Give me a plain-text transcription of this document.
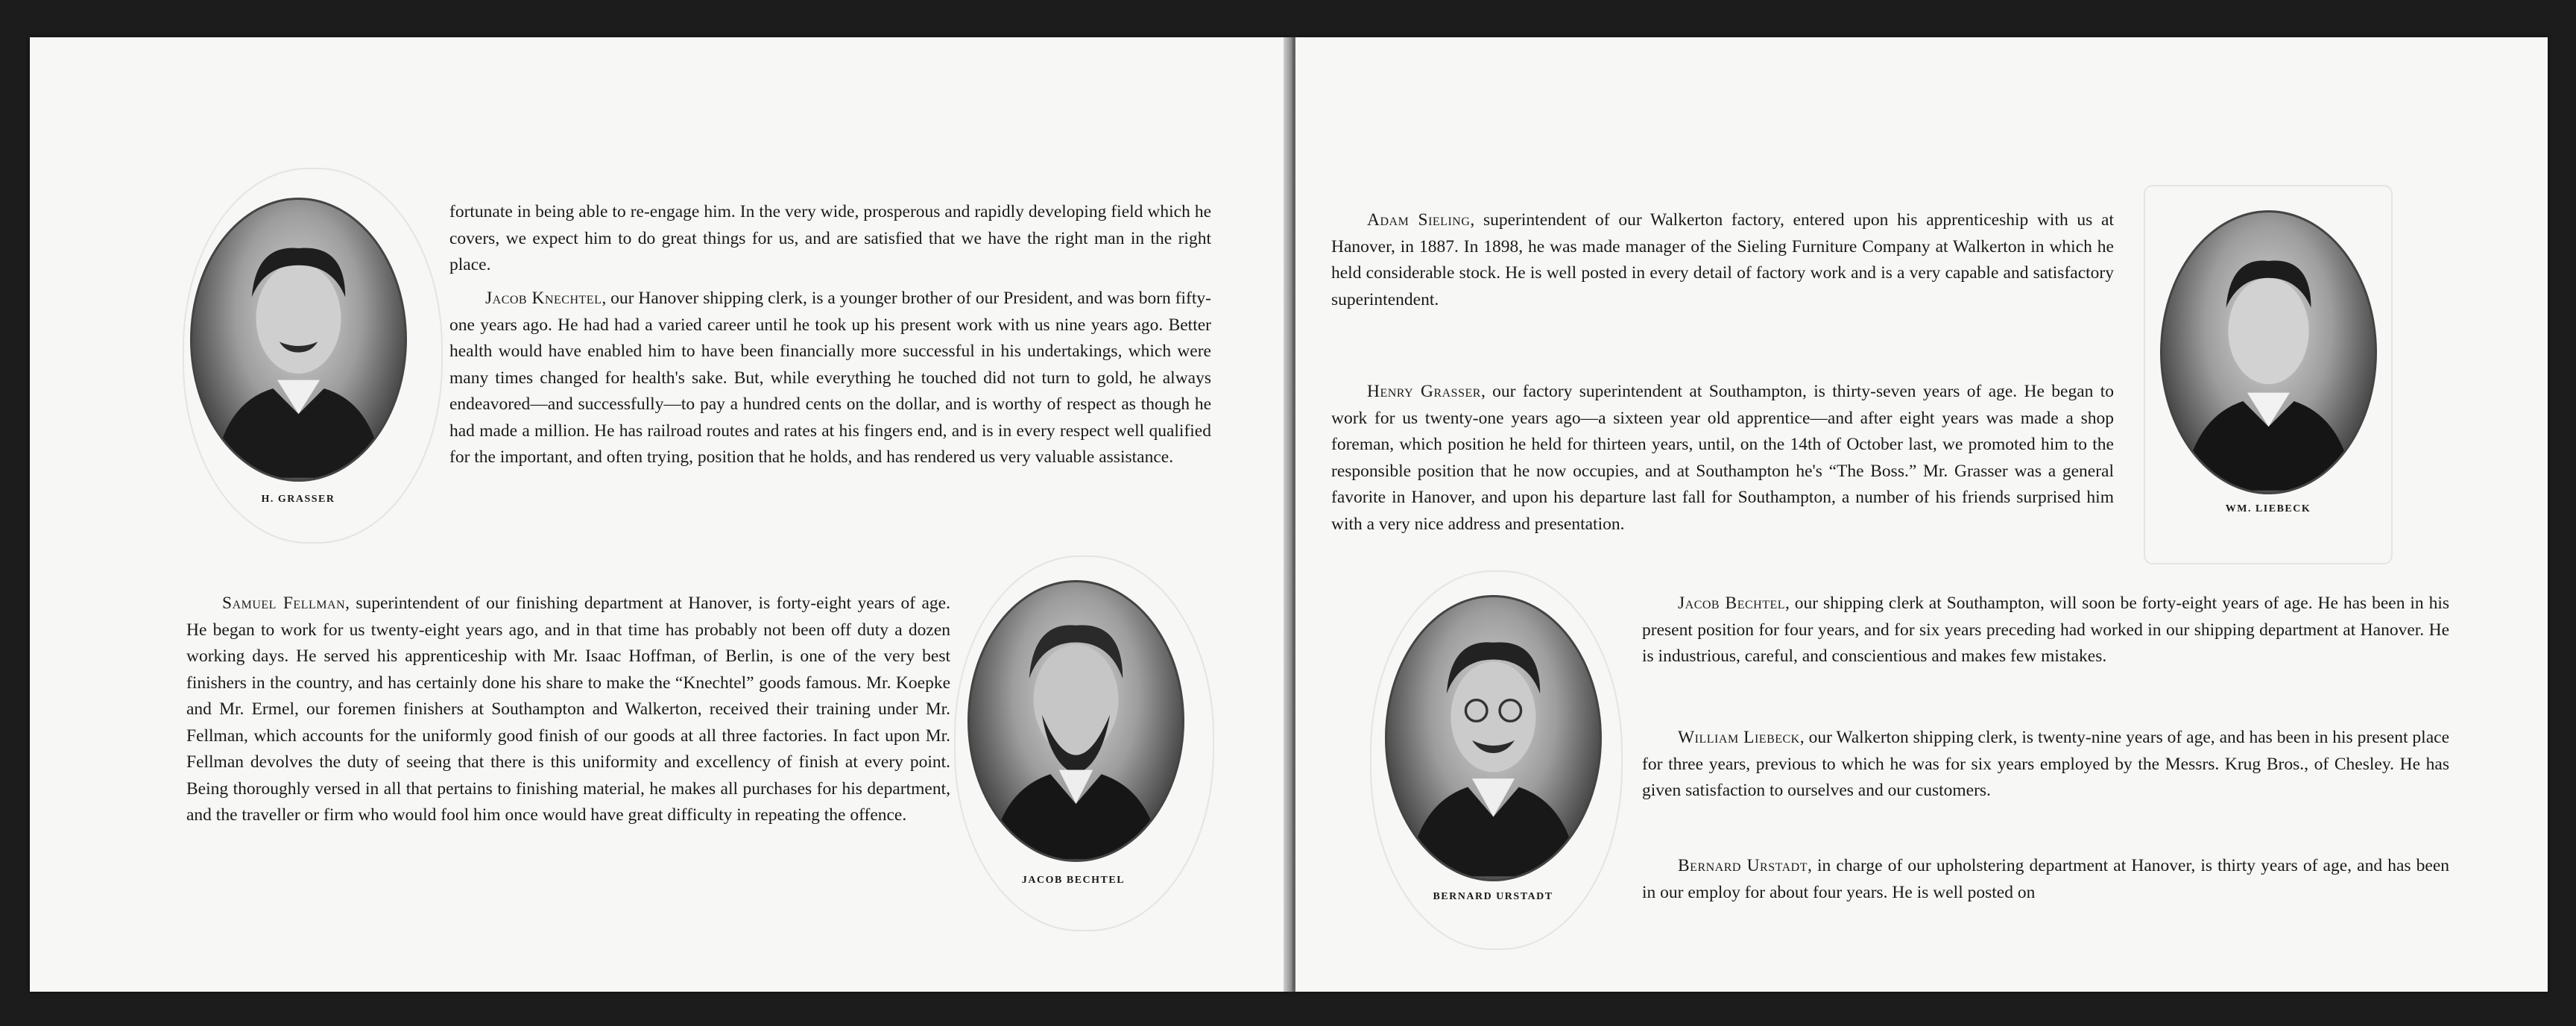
H. GRASSER

fortunate in being able to re-engage him. In the very wide, prosperous and rapidly developing field which he covers, we expect him to do great things for us, and are satisfied that we have the right man in the right place.

Jacob Knechtel, our Hanover shipping clerk, is a younger brother of our President, and was born fifty-one years ago. He had had a varied career until he took up his present work with us nine years ago. Better health would have enabled him to have been financially more successful in his undertakings, which were many times changed for health's sake. But, while everything he touched did not turn to gold, he always endeavored—and successfully—to pay a hundred cents on the dollar, and is worthy of respect as though he had made a million. He has railroad routes and rates at his fingers end, and is in every respect well qualified for the important, and often trying, position that he holds, and has rendered us very valuable assistance.

JACOB BECHTEL

Samuel Fellman, superintendent of our finishing department at Hanover, is forty-eight years of age. He began to work for us twenty-eight years ago, and in that time has probably not been off duty a dozen working days. He served his apprenticeship with Mr. Isaac Hoffman, of Berlin, is one of the very best finishers in the country, and has certainly done his share to make the “Knechtel” goods famous. Mr. Koepke and Mr. Ermel, our foremen finishers at Southampton and Walkerton, received their training under Mr. Fellman, which accounts for the uniformly good finish of our goods at all three factories. In fact upon Mr. Fellman devolves the duty of seeing that there is this uniformity and excellency of finish at every point. Being thoroughly versed in all that pertains to finishing material, he makes all purchases for his department, and the traveller or firm who would fool him once would have great difficulty in repeating the offence.

Adam Sieling, superintendent of our Walkerton factory, entered upon his apprenticeship with us at Hanover, in 1887. In 1898, he was made manager of the Sieling Furniture Company at Walkerton in which he held considerable stock. He is well posted in every detail of factory work and is a very capable and satisfactory superintendent.

WM. LIEBECK

Henry Grasser, our factory superintendent at Southampton, is thirty-seven years of age. He began to work for us twenty-one years ago—a sixteen year old apprentice—and after eight years was made a shop foreman, which position he held for thirteen years, until, on the 14th of October last, we promoted him to the responsible position that he now occupies, and at Southampton he's “The Boss.” Mr. Grasser was a general favorite in Hanover, and upon his departure last fall for Southampton, a number of his friends surprised him with a very nice address and presentation.

BERNARD URSTADT

Jacob Bechtel, our shipping clerk at Southampton, will soon be forty-eight years of age. He has been in his present position for four years, and for six years preceding had worked in our shipping department at Hanover. He is industrious, careful, and conscientious and makes few mistakes.

William Liebeck, our Walkerton shipping clerk, is twenty-nine years of age, and has been in his present place for three years, previous to which he was for six years employed by the Messrs. Krug Bros., of Chesley. He has given satisfaction to ourselves and our customers.

Bernard Urstadt, in charge of our upholstering department at Hanover, is thirty years of age, and has been in our employ for about four years. He is well posted on
